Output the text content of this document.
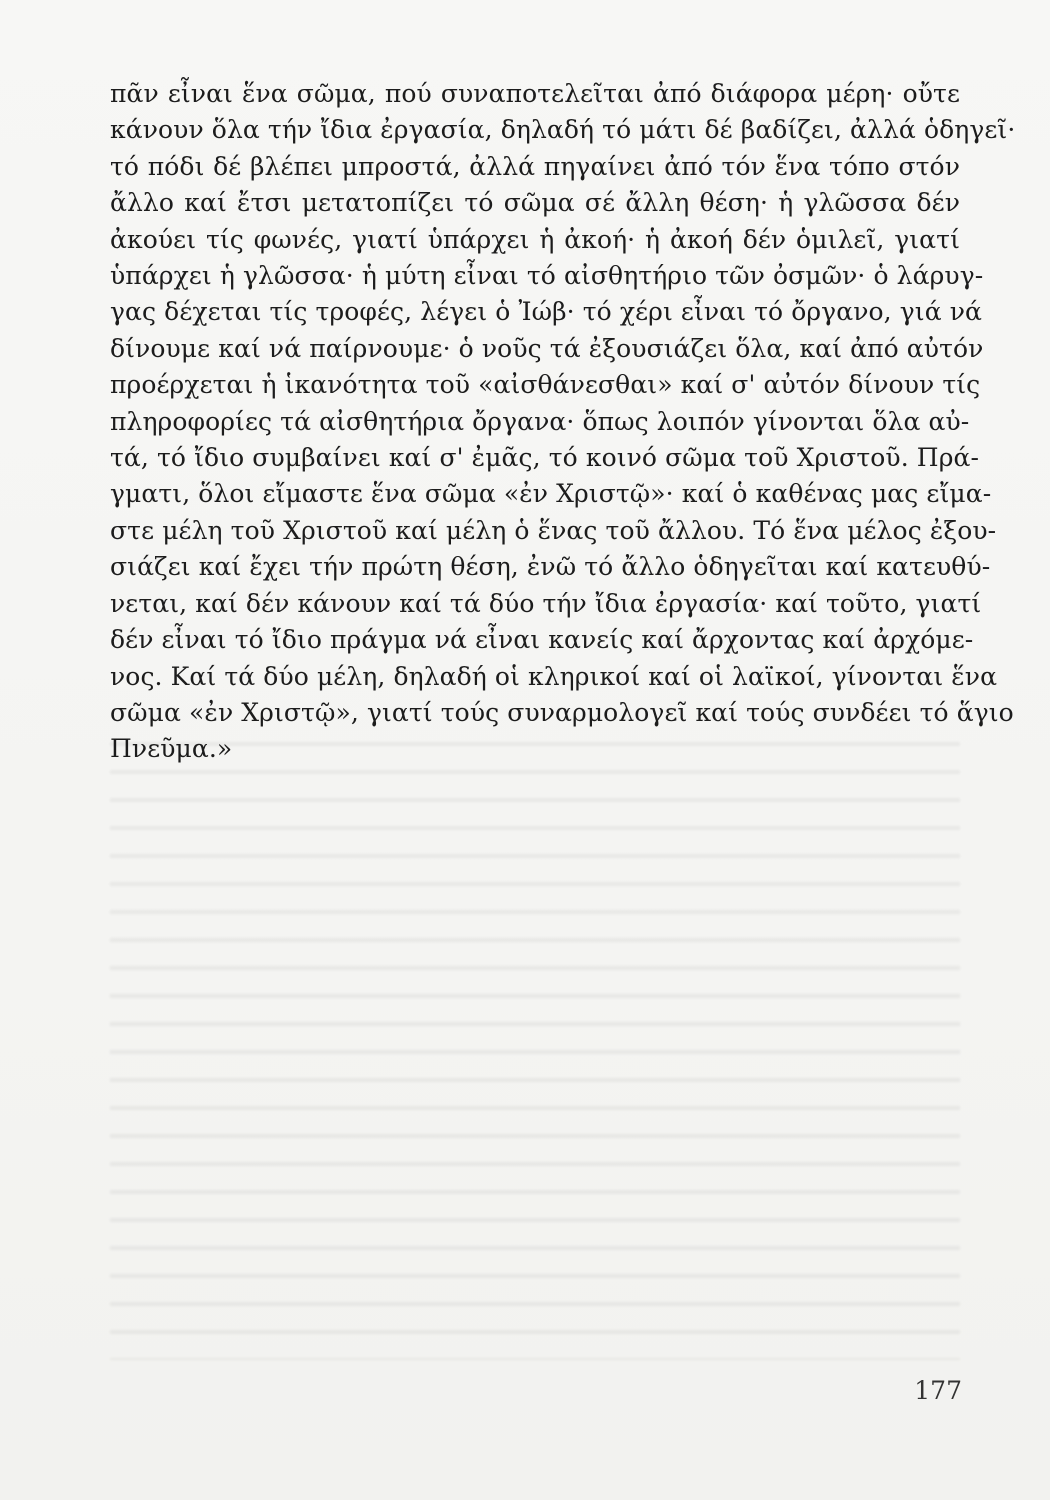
πᾶν εἶναι ἕνα σῶμα, πού συναποτελεῖται ἀπό διάφορα μέρη· οὔτε
κάνουν ὅλα τήν ἴδια ἐργασία, δηλαδή τό μάτι δέ βαδίζει, ἀλλά ὁδηγεῖ·
τό πόδι δέ βλέπει μπροστά, ἀλλά πηγαίνει ἀπό τόν ἕνα τόπο στόν
ἄλλο καί ἔτσι μετατοπίζει τό σῶμα σέ ἄλλη θέση· ἡ γλῶσσα δέν
ἀκούει τίς φωνές, γιατί ὑπάρχει ἡ ἀκοή· ἡ ἀκοή δέν ὁμιλεῖ, γιατί
ὑπάρχει ἡ γλῶσσα· ἡ μύτη εἶναι τό αἰσθητήριο τῶν ὀσμῶν· ὁ λάρυγ-
γας δέχεται τίς τροφές, λέγει ὁ Ἰώβ· τό χέρι εἶναι τό ὄργανο, γιά νά
δίνουμε καί νά παίρνουμε· ὁ νοῦς τά ἐξουσιάζει ὅλα, καί ἀπό αὐτόν
προέρχεται ἡ ἱκανότητα τοῦ «αἰσθάνεσθαι» καί σ' αὐτόν δίνουν τίς
πληροφορίες τά αἰσθητήρια ὄργανα· ὅπως λοιπόν γίνονται ὅλα αὐ-
τά, τό ἴδιο συμβαίνει καί σ' ἐμᾶς, τό κοινό σῶμα τοῦ Χριστοῦ. Πρά-
γματι, ὅλοι εἴμαστε ἕνα σῶμα «ἐν Χριστῷ»· καί ὁ καθένας μας εἴμα-
στε μέλη τοῦ Χριστοῦ καί μέλη ὁ ἕνας τοῦ ἄλλου. Τό ἕνα μέλος ἐξου-
σιάζει καί ἔχει τήν πρώτη θέση, ἐνῶ τό ἄλλο ὁδηγεῖται καί κατευθύ-
νεται, καί δέν κάνουν καί τά δύο τήν ἴδια ἐργασία· καί τοῦτο, γιατί
δέν εἶναι τό ἴδιο πράγμα νά εἶναι κανείς καί ἄρχοντας καί ἀρχόμε-
νος. Καί τά δύο μέλη, δηλαδή οἱ κληρικοί καί οἱ λαϊκοί, γίνονται ἕνα
σῶμα «ἐν Χριστῷ», γιατί τούς συναρμολογεῖ καί τούς συνδέει τό ἅγιο
Πνεῦμα.»
177
